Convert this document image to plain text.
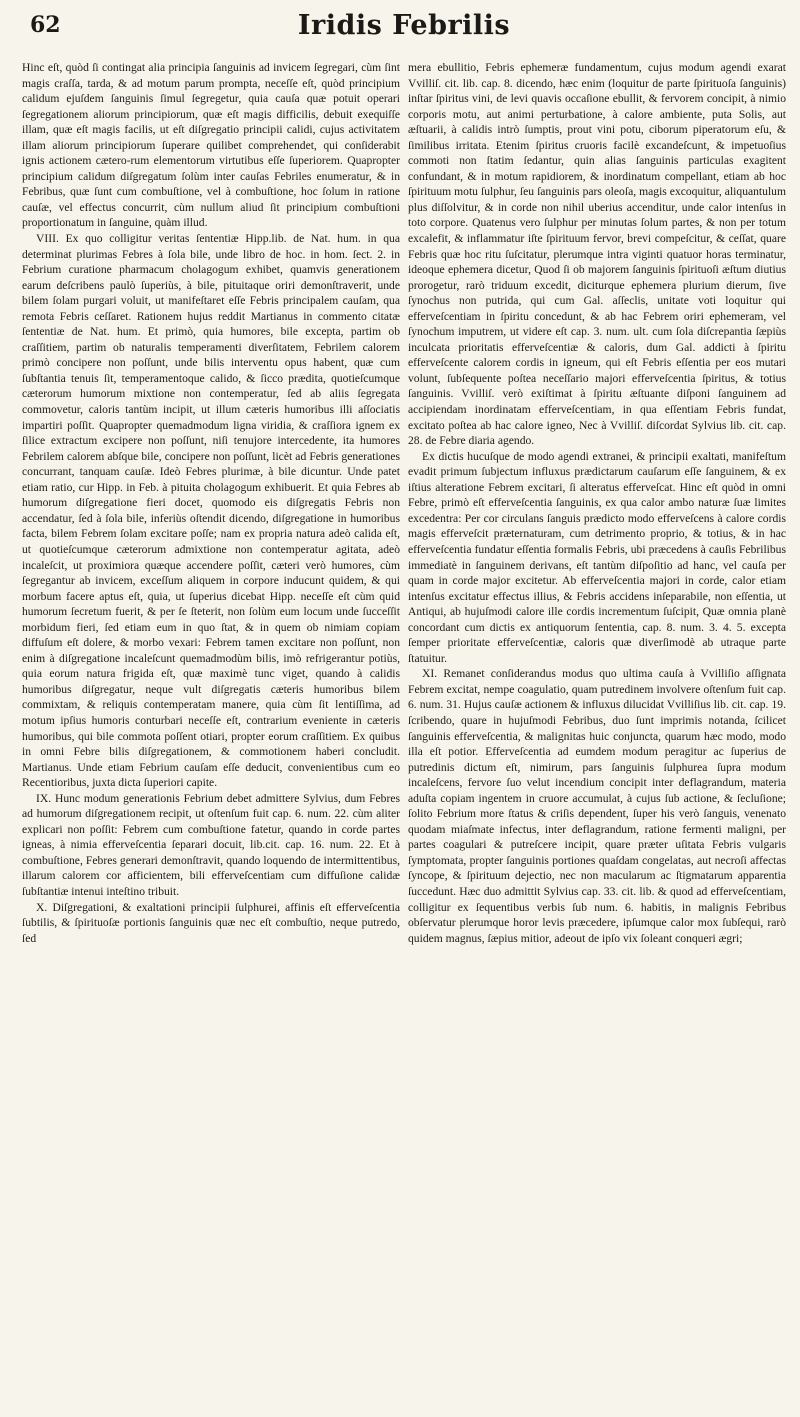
62	Iridis Febrilis

Hinc eſt, quòd ſi contingat alia principia ſanguinis ad invicem ſegregari, cùm ſint magis craſſa, tarda, & ad motum parum prompta, neceſſe eſt, quòd principium calidum ejuſdem ſanguinis ſimul ſegregetur, quia cauſa quæ potuit operari ſegregationem aliorum principiorum, quæ eſt magis difficilis, debuit exequiſſe illam, quæ eſt magis facilis, ut eſt diſgregatio principii calidi, cujus activitatem illam aliorum principiorum ſuperare quilibet comprehendet, qui conſiderabit ignis actionem cætero-rum elementorum virtutibus eſſe ſuperiorem. Quapropter principium calidum diſgregatum ſolùm inter cauſas Febriles enumeratur, & in Febribus, quæ ſunt cum combuſtione, vel à combuſtione, hoc ſolum in ratione cauſæ, vel effectus concurrit, cùm nullum aliud ſit principium combuſtioni proportionatum in ſanguine, quàm illud.

VIII. Ex quo colligitur veritas ſententiæ Hipp.lib. de Nat. hum. in qua determinat plurimas Febres à ſola bile, unde libro de hoc. in hom. ſect. 2. in Febrium curatione pharmacum cholagogum exhibet, quamvis generationem earum deſcribens paulò ſuperiùs, à bile, pituitaque oriri demonſtraverit, unde bilem ſolam purgari voluit, ut manifeſtaret eſſe Febris principalem cauſam, qua remota Febris ceſſaret. Rationem hujus reddit Martianus in commento citatæ ſententiæ de Nat. hum. Et primò, quia humores, bile excepta, partim ob craſſitiem, partim ob naturalis temperamenti diverſitatem, Febrilem calorem primò concipere non poſſunt, unde bilis interventu opus habent, quæ cum ſubſtantia tenuis ſit, temperamentoque calido, & ſicco prædita, quotieſcumque cæterorum humorum mixtione non contemperatur, ſed ab aliis ſegregata commovetur, caloris tantùm incipit, ut illum cæteris humoribus illi aſſociatis impartiri poſſit. Quapropter quemadmodum ligna viridia, & craſſiora ignem ex ſilice extractum excipere non poſſunt, niſi tenujore intercedente, ita humores Febrilem calorem abſque bile, concipere non poſſunt, licèt ad Febris generationes concurrant, tanquam cauſæ. Ideò Febres plurimæ, à bile dicuntur. Unde patet etiam ratio, cur Hipp. in Feb. à pituita cholagogum exhibuerit. Et quia Febres ab humorum diſgregatione fieri docet, quomodo eis diſgregatis Febris non accendatur, ſed à ſola bile, inferiùs oſtendit dicendo, diſgregatione in humoribus facta, bilem Febrem ſolam excitare poſſe; nam ex propria natura adeò calida eſt, ut quotieſcumque cæterorum admixtione non contemperatur agitata, adeò incaleſcit, ut proximiora quæque accendere poſſit, cæteri verò humores, cùm ſegregantur ab invicem, exceſſum aliquem in corpore inducunt quidem, & qui morbum facere aptus eſt, quia, ut ſuperius dicebat Hipp. neceſſe eſt cùm quid humorum ſecretum fuerit, & per ſe ſteterit, non ſolùm eum locum unde ſucceſſit morbidum fieri, ſed etiam eum in quo ſtat, & in quem ob nimiam copiam diffuſum eſt dolere, & morbo vexari: Febrem tamen excitare non poſſunt, non enim à diſgregatione incaleſcunt quemadmodùm bilis, imò refrigerantur potiùs, quia eorum natura frigida eſt, quæ maximè tunc viget, quando à calidis humoribus diſgregatur, neque vult diſgregatis cæteris humoribus bilem commixtam, & reliquis contemperatam manere, quia cùm ſit lentiſſima, ad motum ipſius humoris conturbari neceſſe eſt, contrarium eveniente in cæteris humoribus, qui bile commota poſſent otiari, propter eorum craſſitiem. Ex quibus in omni Febre bilis diſgregationem, & commotionem haberi concludit. Martianus. Unde etiam Febrium cauſam eſſe deducit, convenientibus cum eo Recentioribus, juxta dicta ſuperiori capite.

IX. Hunc modum generationis Febrium debet admittere Sylvius, dum Febres ad humorum diſgregationem recipit, ut oſtenſum fuit cap. 6. num. 22. cùm aliter explicari non poſſit: Febrem cum combuſtione fatetur, quando in corde partes igneas, à nimia efferveſcentia ſeparari docuit, lib.cit. cap. 16. num. 22. Et à combuſtione, Febres generari demonſtravit, quando loquendo de intermittentibus, illarum calorem cor afficientem, bili efferveſcentiam cum diffuſione calidæ ſubſtantiæ intenui inteſtino tribuit.

X. Diſgregationi, & exaltationi principii ſulphurei, affinis eſt efferveſcentia ſubtilis, & ſpirituoſæ portionis ſanguinis quæ nec eſt combuſtio, neque putredo, ſed

mera ebullitio, Febris ephemeræ fundamentum, cujus modum agendi exarat Vvilliſ. cit. lib. cap. 8. dicendo, hæc enim (loquitur de parte ſpirituoſa ſanguinis) inſtar ſpiritus vini, de levi quavis occaſione ebullit, & fervorem concipit, à nimio corporis motu, aut animi perturbatione, à calore ambiente, puta Solis, aut æſtuarii, à calidis intrò ſumptis, prout vini potu, ciborum piperatorum eſu, & ſimilibus irritata. Etenim ſpiritus cruoris facilè excandeſcunt, & impetuoſius commoti non ſtatim ſedantur, quin alias ſanguinis particulas exagitent confundant, & in motum rapidiorem, & inordinatum compellant, etiam ab hoc ſpirituum motu ſulphur, ſeu ſanguinis pars oleoſa, magis excoquitur, aliquantulum plus diſſolvitur, & in corde non nihil uberius accenditur, unde calor intenſus in toto corpore. Quatenus vero ſulphur per minutas ſolum partes, & non per totum excalefit, & inflammatur iſte ſpirituum fervor, brevi compeſcitur, & ceſſat, quare Febris quæ hoc ritu ſuſcitatur, plerumque intra viginti quatuor horas terminatur, ideoque ephemera dicetur, Quod ſi ob majorem ſanguinis ſpirituoſi æſtum diutius prorogetur, rarò triduum excedit, diciturque ephemera plurium dierum, ſive ſynochus non putrida, qui cum Gal. aſſeclis, unitate voti loquitur qui efferveſcentiam in ſpiritu concedunt, & ab hac Febrem oriri ephemeram, vel ſynochum imputrem, ut videre eſt cap. 3. num. ult. cum ſola diſcrepantia ſæpiùs inculcata prioritatis efferveſcentiæ & caloris, dum Gal. addicti à ſpiritu efferveſcente calorem cordis in igneum, qui eſt Febris eſſentia per eos mutari volunt, ſubſequente poſtea neceſſario majori efferveſcentia ſpiritus, & totius ſanguinis. Vvilliſ. verò exiſtimat à ſpiritu æſtuante diſponi ſanguinem ad accipiendam inordinatam efferveſcentiam, in qua eſſentiam Febris fundat, excitato poſtea ab hac calore igneo, Nec à Vvilliſ. diſcordat Sylvius lib. cit. cap. 28. de Febre diaria agendo.

Ex dictis hucuſque de modo agendi extranei, & principii exaltati, manifeſtum evadit primum ſubjectum influxus prædictarum cauſarum eſſe ſanguinem, & ex iſtius alteratione Febrem excitari, ſi alteratus efferveſcat. Hinc eſt quòd in omni Febre, primò eſt efferveſcentia ſanguinis, ex qua calor ambo naturæ ſuæ limites excedentra: Per cor circulans ſanguis prædicto modo efferveſcens à calore cordis magis efferveſcit præternaturam, cum detrimento proprio, & totius, & in hac efferveſcentia fundatur eſſentia formalis Febris, ubi præcedens à cauſis Febrilibus immediatè in ſanguinem derivans, eſt tantùm diſpoſitio ad hanc, vel cauſa per quam in corde major excitetur. Ab efferveſcentia majori in corde, calor etiam intenſus excitatur effectus illius, & Febris accidens inſeparabile, non eſſentia, ut Antiqui, ab hujuſmodi calore ille cordis incrementum ſuſcipit, Quæ omnia planè concordant cum dictis ex antiquorum ſententia, cap. 8. num. 3. 4. 5. excepta ſemper prioritate efferveſcentiæ, caloris quæ diverſimodè ab utraque parte ſtatuitur.

XI. Remanet conſiderandus modus quo ultima cauſa à Vvilliſio aſſignata Febrem excitat, nempe coagulatio, quam putredinem involvere oſtenſum fuit cap. 6. num. 31. Hujus cauſæ actionem & influxus dilucidat Vvilliſius lib. cit. cap. 19. ſcribendo, quare in hujuſmodi Febribus, duo ſunt imprimis notanda, ſcilicet ſanguinis efferveſcentia, & malignitas huic conjuncta, quarum hæc modo, modo illa eſt potior. Efferveſcentia ad eumdem modum peragitur ac ſuperius de putredinis dictum eſt, nimirum, pars ſanguinis ſulphurea ſupra modum incaleſcens, fervore ſuo velut incendium concipit inter deflagrandum, materia aduſta copiam ingentem in cruore accumulat, à cujus ſub actione, & ſecluſione; ſolito Febrium more ſtatus & criſis dependent, ſuper his verò ſanguis, venenato quodam miaſmate infectus, inter deflagrandum, ratione fermenti maligni, per partes coagulari & putreſcere incipit, quare præter uſitata Febris vulgaris ſymptomata, propter ſanguinis portiones quaſdam congelatas, aut necroſi affectas ſyncope, & ſpirituum dejectio, nec non macularum ac ſtigmatarum apparentia ſuccedunt. Hæc duo admittit Sylvius cap. 33. cit. lib. & quod ad efferveſcentiam, colligitur ex ſequentibus verbis ſub num. 6. habitis, in malignis Febribus obſervatur plerumque horor levis præcedere, ipſumque calor mox ſubſequi, rarò quidem magnus, ſæpius mitior, adeout de ipſo vix ſoleant conqueri ægri;
